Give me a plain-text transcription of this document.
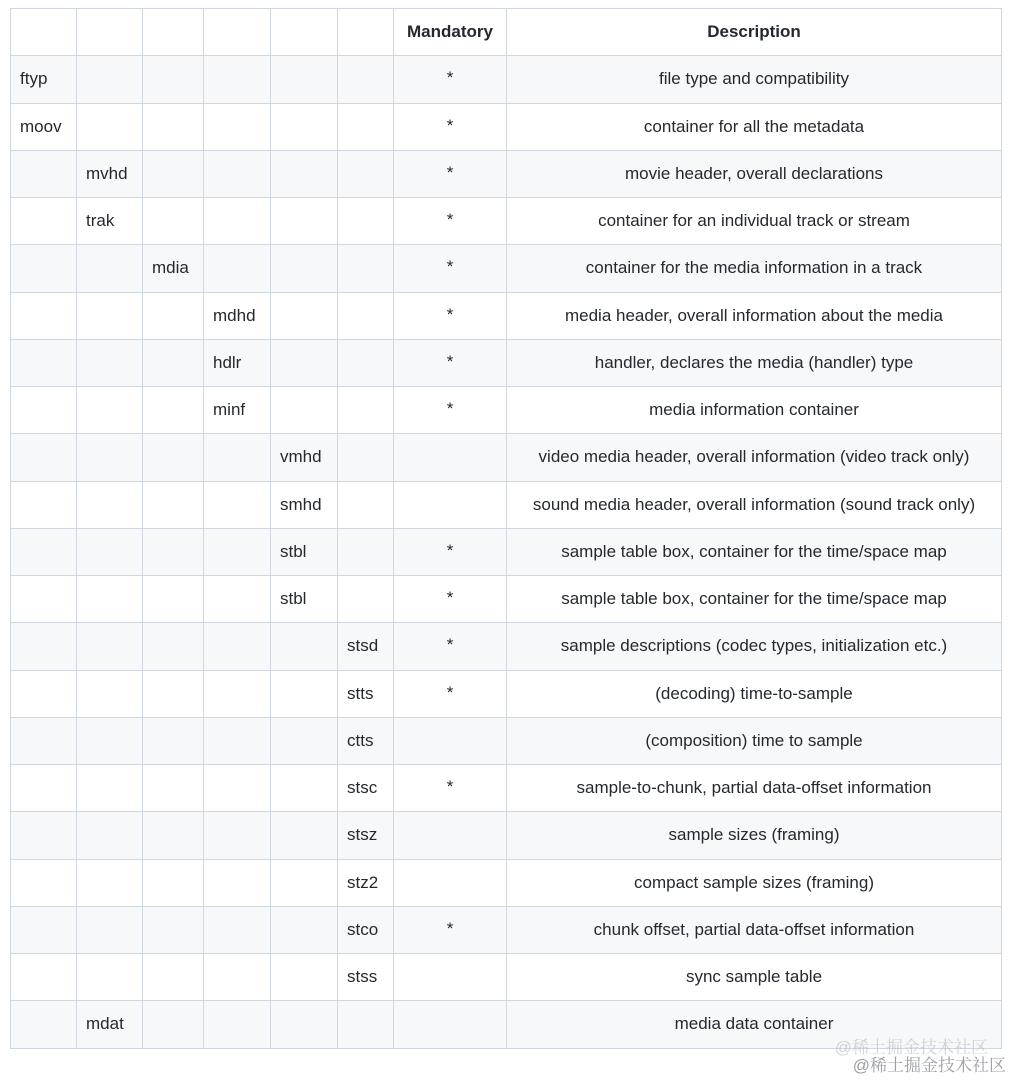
						Mandatory	Description
ftyp						*	file type and compatibility
moov						*	container for all the metadata
	mvhd					*	movie header, overall declarations
	trak					*	container for an individual track or stream
		mdia				*	container for the media information in a track
			mdhd			*	media header, overall information about the media
			hdlr			*	handler, declares the media (handler) type
			minf			*	media information container
				vmhd			video media header, overall information (video track only)
				smhd			sound media header, overall information (sound track only)
				stbl		*	sample table box, container for the time/space map
				stbl		*	sample table box, container for the time/space map
					stsd	*	sample descriptions (codec types, initialization etc.)
					stts	*	(decoding) time-to-sample
					ctts		(composition) time to sample
					stsc	*	sample-to-chunk, partial data-offset information
					stsz		sample sizes (framing)
					stz2		compact sample sizes (framing)
					stco	*	chunk offset, partial data-offset information
					stss		sync sample table
	mdat						media data container
@稀土掘金技术社区
@稀土掘金技术社区
